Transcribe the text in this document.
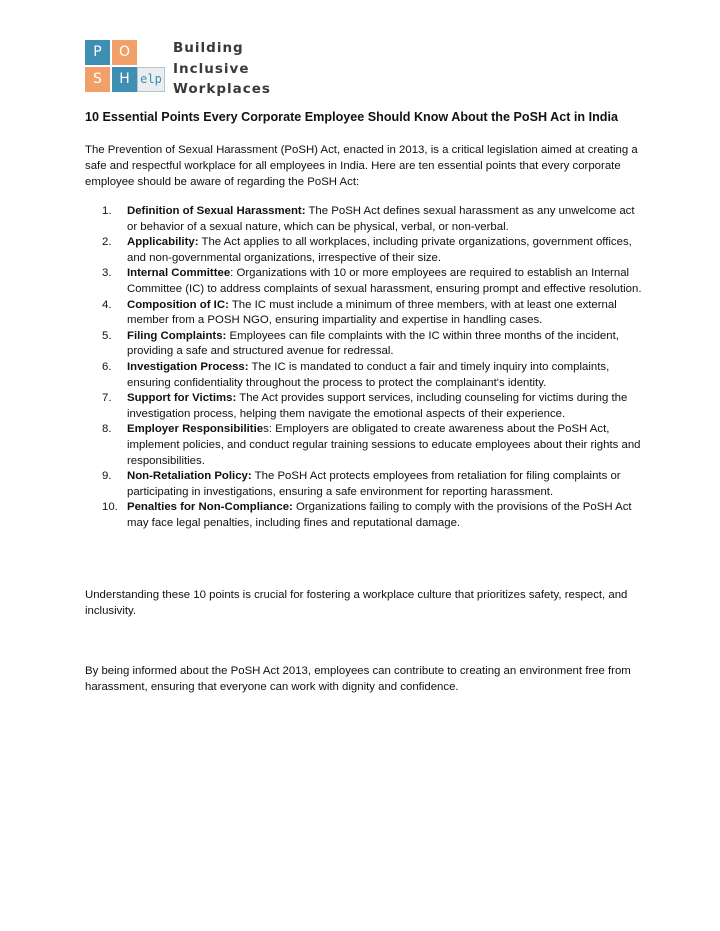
P	O
S	H elp
Building
Inclusive
Workplaces
10 Essential Points Every Corporate Employee Should Know About the PoSH Act in India

The Prevention of Sexual Harassment (PoSH) Act, enacted in 2013, is a critical legislation aimed at creating a safe and respectful workplace for all employees in India. Here are ten essential points that every corporate employee should be aware of regarding the PoSH Act:

1.	Definition of Sexual Harassment: The PoSH Act defines sexual harassment as any unwelcome act or behavior of a sexual nature, which can be physical, verbal, or non-verbal.
2.	Applicability: The Act applies to all workplaces, including private organizations, government offices, and non-governmental organizations, irrespective of their size.
3.	Internal Committee: Organizations with 10 or more employees are required to establish an Internal Committee (IC) to address complaints of sexual harassment, ensuring prompt and effective resolution.
4.	Composition of IC: The IC must include a minimum of three members, with at least one external member from a POSH NGO, ensuring impartiality and expertise in handling cases.
5.	Filing Complaints: Employees can file complaints with the IC within three months of the incident, providing a safe and structured avenue for redressal.
6.	Investigation Process: The IC is mandated to conduct a fair and timely inquiry into complaints, ensuring confidentiality throughout the process to protect the complainant's identity.
7.	Support for Victims: The Act provides support services, including counseling for victims during the investigation process, helping them navigate the emotional aspects of their experience.
8.	Employer Responsibilities: Employers are obligated to create awareness about the PoSH Act, implement policies, and conduct regular training sessions to educate employees about their rights and responsibilities.
9.	Non-Retaliation Policy: The PoSH Act protects employees from retaliation for filing complaints or participating in investigations, ensuring a safe environment for reporting harassment.
10. Penalties for Non-Compliance: Organizations failing to comply with the provisions of the PoSH Act may face legal penalties, including fines and reputational damage.

Understanding these 10 points is crucial for fostering a workplace culture that prioritizes safety, respect, and inclusivity.

By being informed about the PoSH Act 2013, employees can contribute to creating an environment free from harassment, ensuring that everyone can work with dignity and confidence.
